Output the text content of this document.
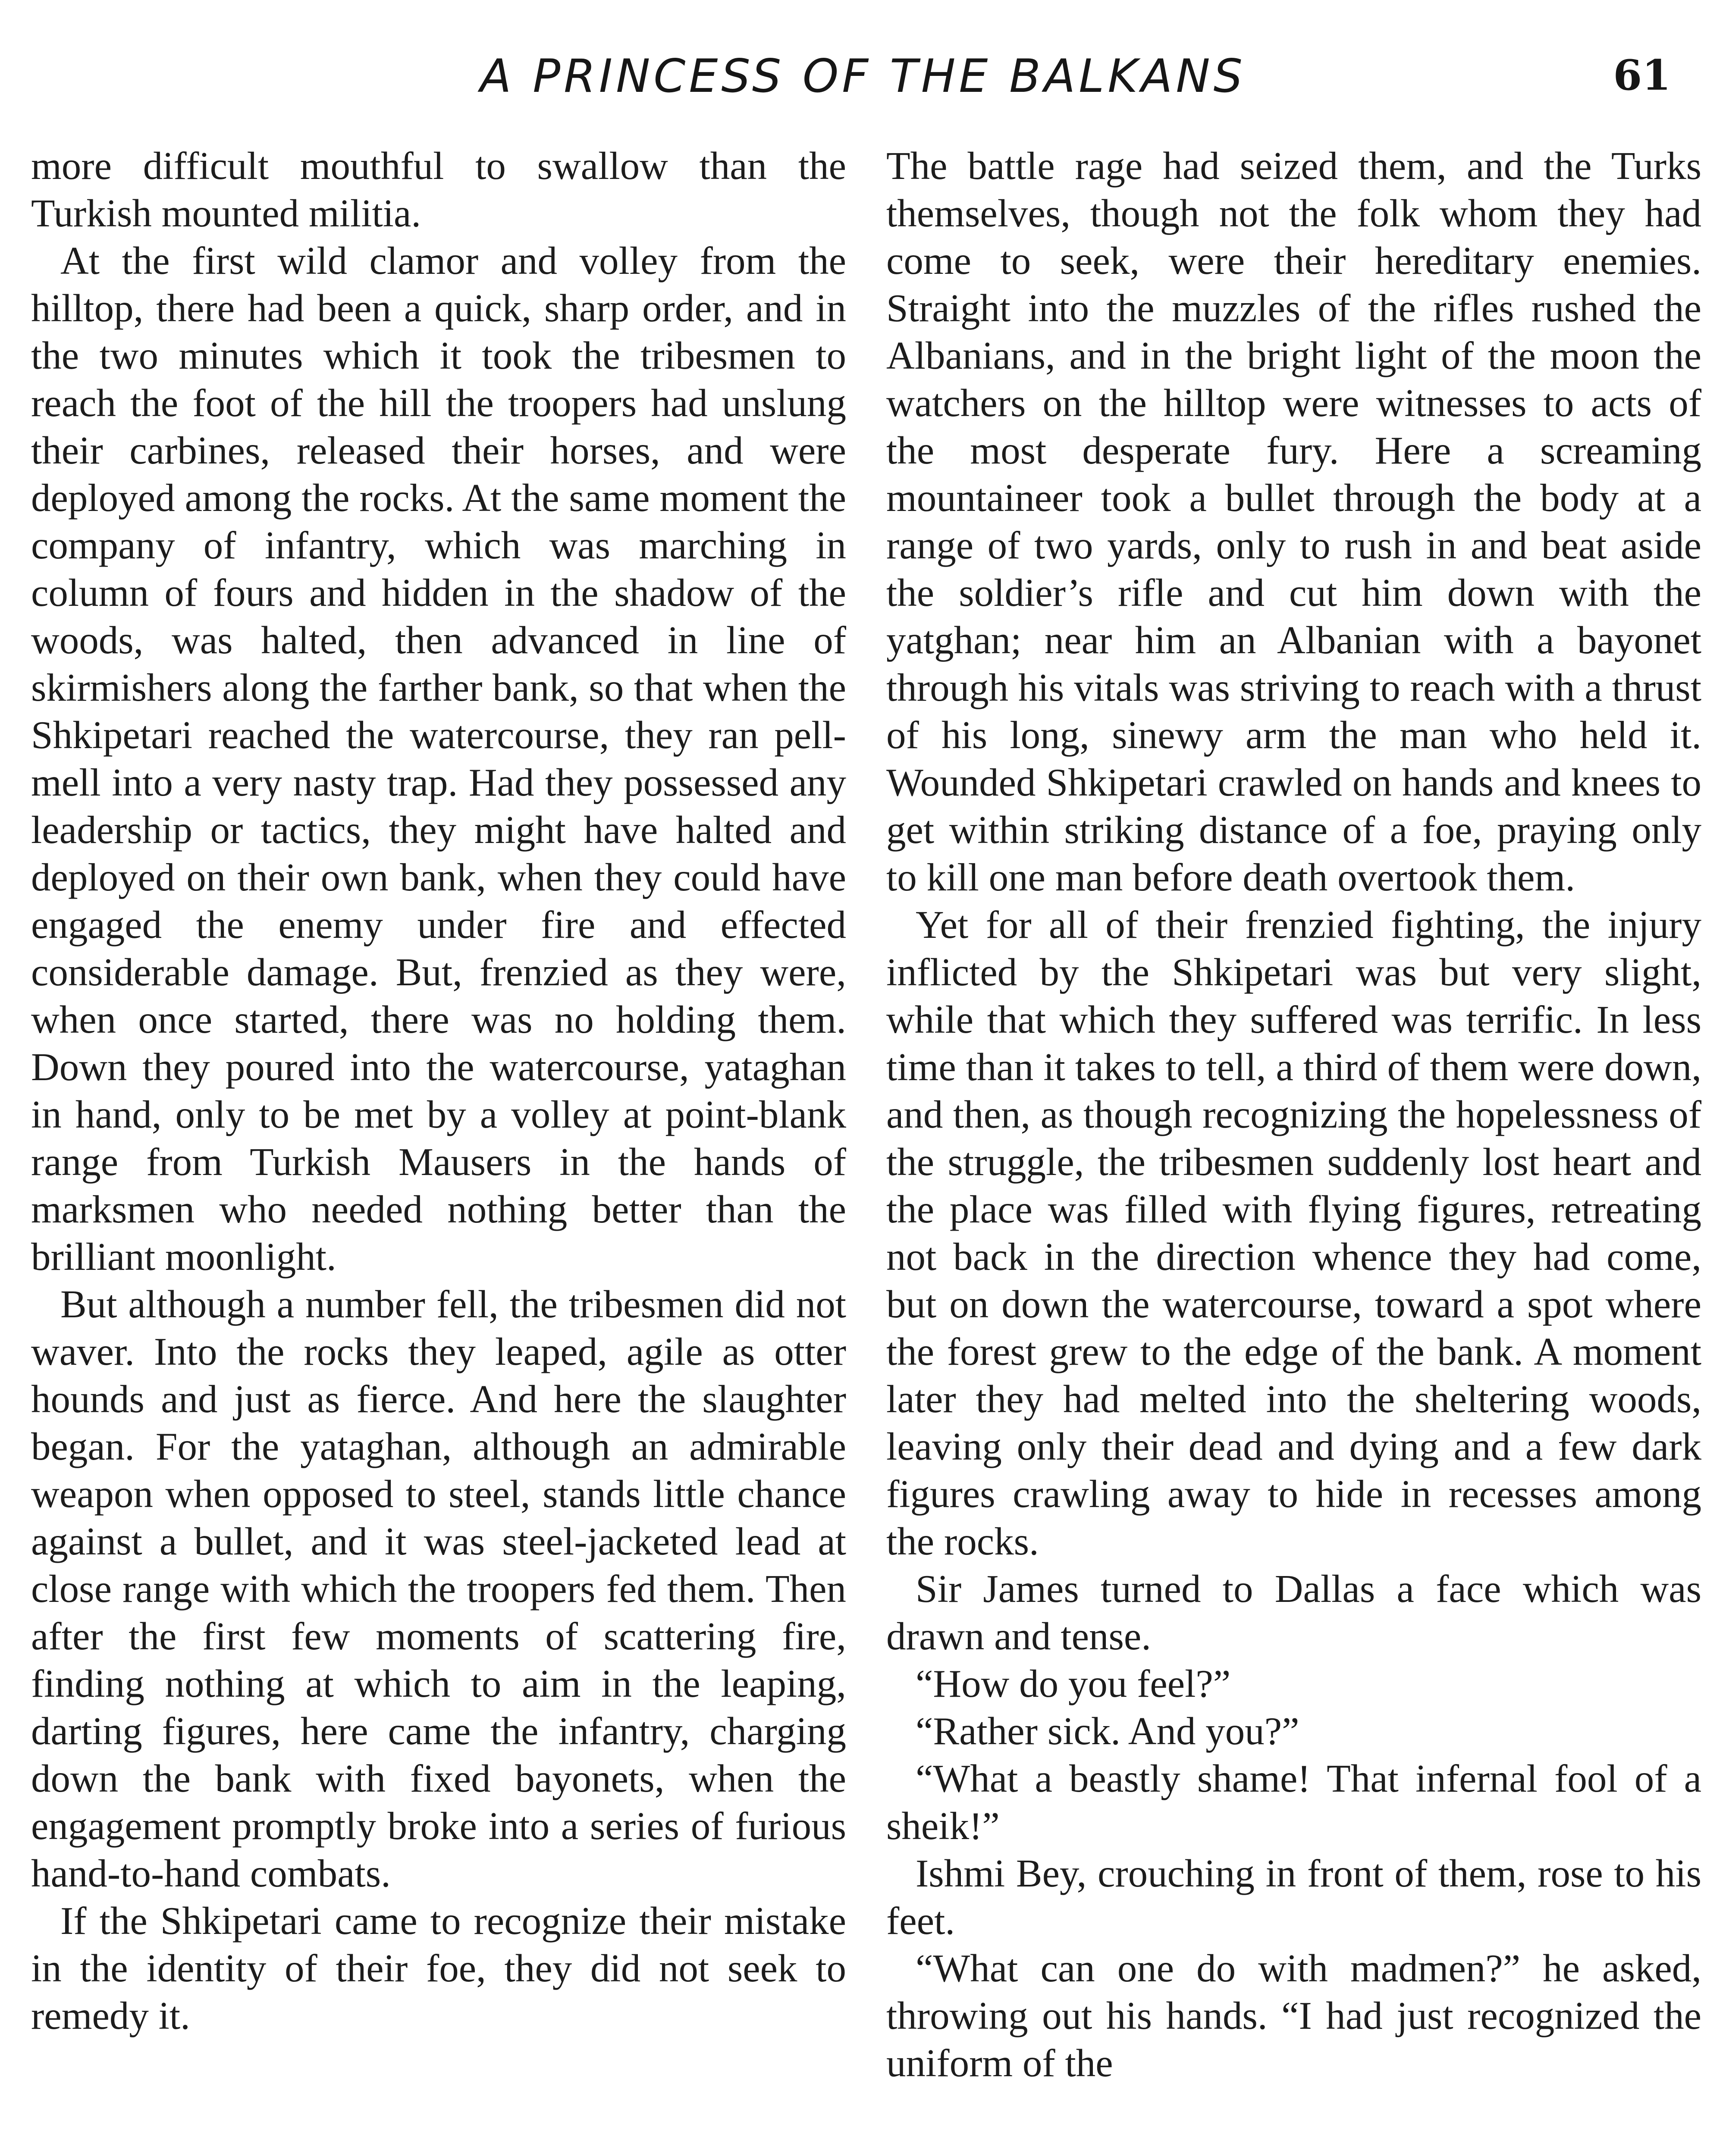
A PRINCESS OF THE BALKANS	61

more difficult mouthful to swallow than the Turkish mounted militia.

At the first wild clamor and volley from the hilltop, there had been a quick, sharp order, and in the two minutes which it took the tribesmen to reach the foot of the hill the troopers had unslung their carbines, released their horses, and were deployed among the rocks. At the same moment the company of infantry, which was marching in column of fours and hidden in the shadow of the woods, was halted, then advanced in line of skirmishers along the farther bank, so that when the Shkipetari reached the watercourse, they ran pell-mell into a very nasty trap. Had they possessed any leadership or tactics, they might have halted and deployed on their own bank, when they could have engaged the enemy under fire and effected considerable damage. But, frenzied as they were, when once started, there was no holding them. Down they poured into the watercourse, yataghan in hand, only to be met by a volley at point-blank range from Turkish Mausers in the hands of marksmen who needed nothing better than the brilliant moonlight.

But although a number fell, the tribesmen did not waver. Into the rocks they leaped, agile as otter hounds and just as fierce. And here the slaughter began. For the yataghan, although an admirable weapon when opposed to steel, stands little chance against a bullet, and it was steel-jacketed lead at close range with which the troopers fed them. Then after the first few moments of scattering fire, finding nothing at which to aim in the leaping, darting figures, here came the infantry, charging down the bank with fixed bayonets, when the engagement promptly broke into a series of furious hand-to-hand combats.

If the Shkipetari came to recognize their mistake in the identity of their foe, they did not seek to remedy it.

The battle rage had seized them, and the Turks themselves, though not the folk whom they had come to seek, were their hereditary enemies. Straight into the muzzles of the rifles rushed the Albanians, and in the bright light of the moon the watchers on the hilltop were witnesses to acts of the most desperate fury. Here a screaming mountaineer took a bullet through the body at a range of two yards, only to rush in and beat aside the soldier’s rifle and cut him down with the yatghan; near him an Albanian with a bayonet through his vitals was striving to reach with a thrust of his long, sinewy arm the man who held it. Wounded Shkipetari crawled on hands and knees to get within striking distance of a foe, praying only to kill one man before death overtook them.

Yet for all of their frenzied fighting, the injury inflicted by the Shkipetari was but very slight, while that which they suffered was terrific. In less time than it takes to tell, a third of them were down, and then, as though recognizing the hopelessness of the struggle, the tribesmen suddenly lost heart and the place was filled with flying figures, retreating not back in the direction whence they had come, but on down the watercourse, toward a spot where the forest grew to the edge of the bank. A moment later they had melted into the sheltering woods, leaving only their dead and dying and a few dark figures crawling away to hide in recesses among the rocks.

Sir James turned to Dallas a face which was drawn and tense.

“How do you feel?”

“Rather sick. And you?”

“What a beastly shame! That infernal fool of a sheik!”

Ishmi Bey, crouching in front of them, rose to his feet.

“What can one do with madmen?” he asked, throwing out his hands. “I had just recognized the uniform of the
